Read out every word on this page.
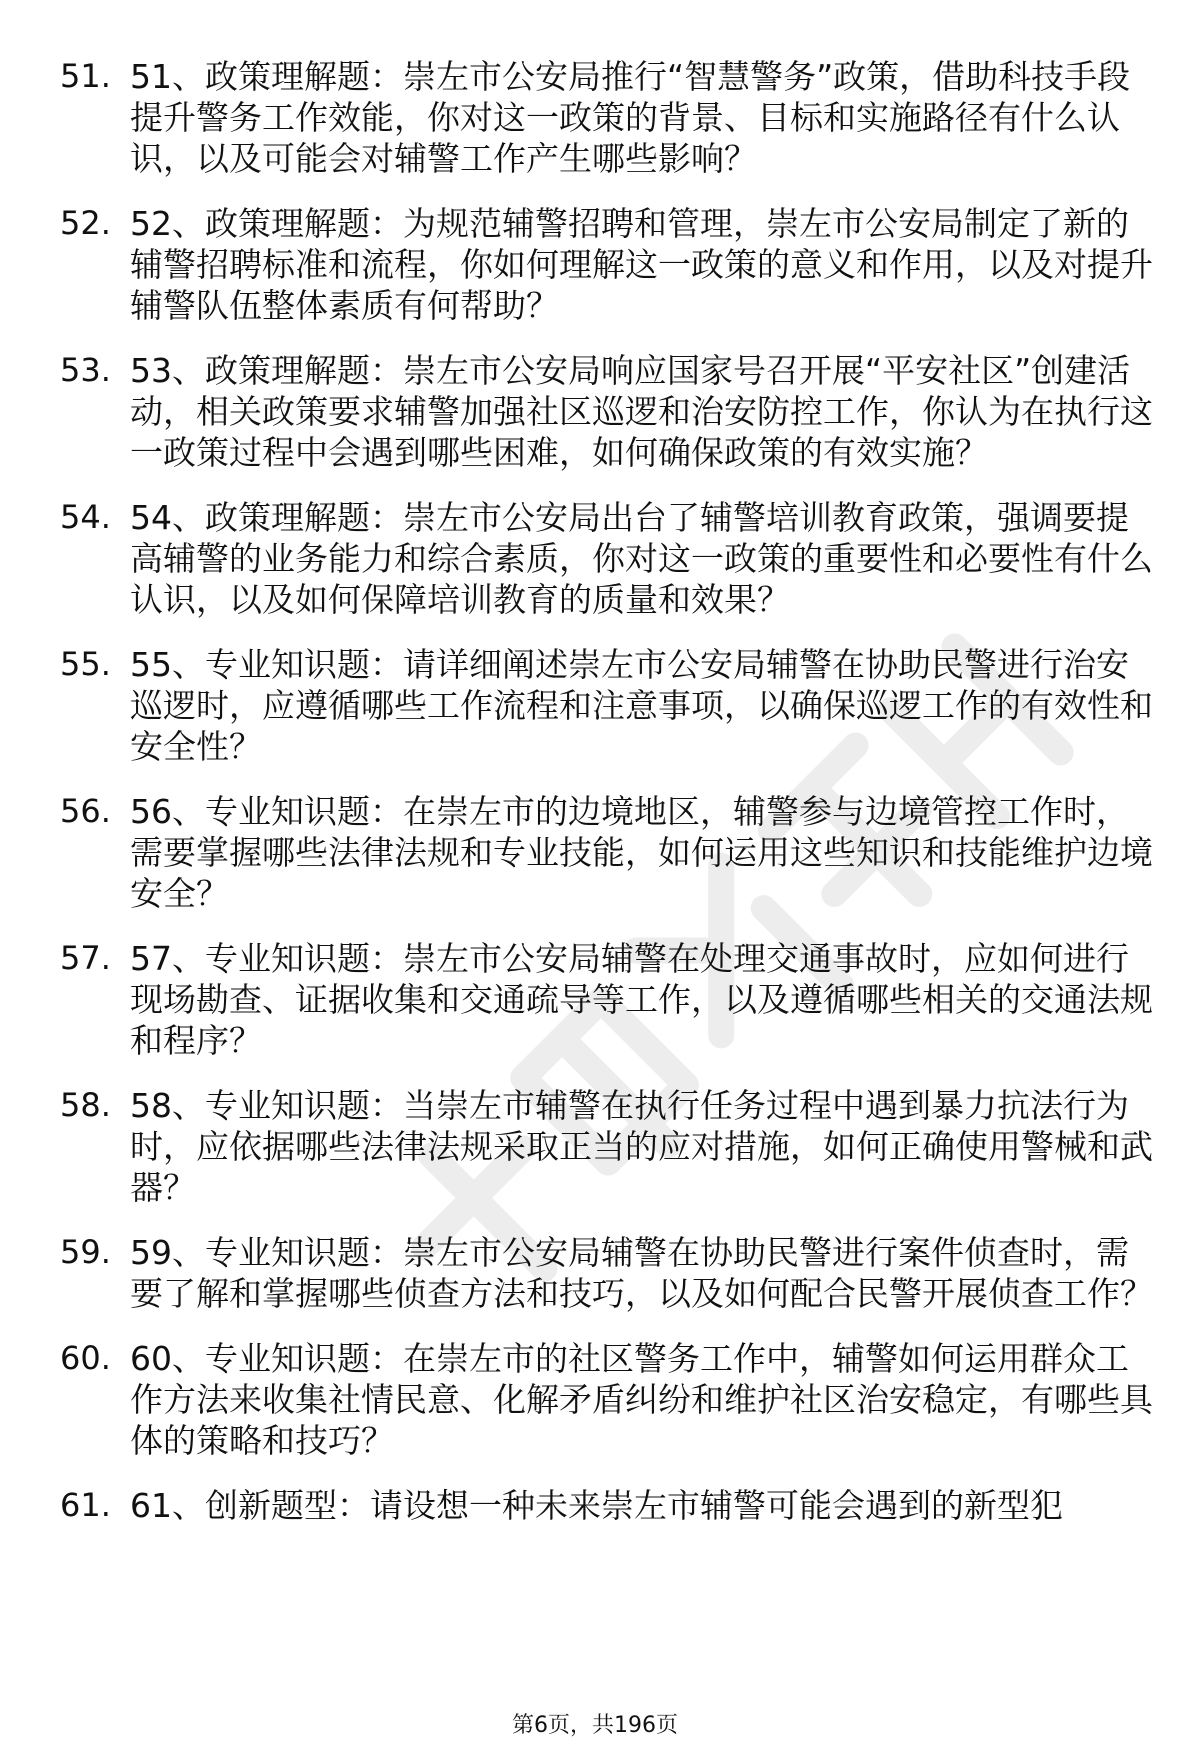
51. 51、政策理解题：崇左市公安局推行“智慧警务”政策，借助科技手段提升警务工作效能，你对这一政策的背景、目标和实施路径有什么认识，以及可能会对辅警工作产生哪些影响？
52. 52、政策理解题：为规范辅警招聘和管理，崇左市公安局制定了新的辅警招聘标准和流程，你如何理解这一政策的意义和作用，以及对提升辅警队伍整体素质有何帮助？
53. 53、政策理解题：崇左市公安局响应国家号召开展“平安社区”创建活动，相关政策要求辅警加强社区巡逻和治安防控工作，你认为在执行这一政策过程中会遇到哪些困难，如何确保政策的有效实施？
54. 54、政策理解题：崇左市公安局出台了辅警培训教育政策，强调要提高辅警的业务能力和综合素质，你对这一政策的重要性和必要性有什么认识，以及如何保障培训教育的质量和效果？
55. 55、专业知识题：请详细阐述崇左市公安局辅警在协助民警进行治安巡逻时，应遵循哪些工作流程和注意事项，以确保巡逻工作的有效性和安全性？
56. 56、专业知识题：在崇左市的边境地区，辅警参与边境管控工作时，需要掌握哪些法律法规和专业技能，如何运用这些知识和技能维护边境安全？
57. 57、专业知识题：崇左市公安局辅警在处理交通事故时，应如何进行现场勘查、证据收集和交通疏导等工作，以及遵循哪些相关的交通法规和程序？
58. 58、专业知识题：当崇左市辅警在执行任务过程中遇到暴力抗法行为时，应依据哪些法律法规采取正当的应对措施，如何正确使用警械和武器？
59. 59、专业知识题：崇左市公安局辅警在协助民警进行案件侦查时，需要了解和掌握哪些侦查方法和技巧，以及如何配合民警开展侦查工作？
60. 60、专业知识题：在崇左市的社区警务工作中，辅警如何运用群众工作方法来收集社情民意、化解矛盾纠纷和维护社区治安稳定，有哪些具体的策略和技巧？
61. 61、创新题型：请设想一种未来崇左市辅警可能会遇到的新型犯
第6页，共196页
